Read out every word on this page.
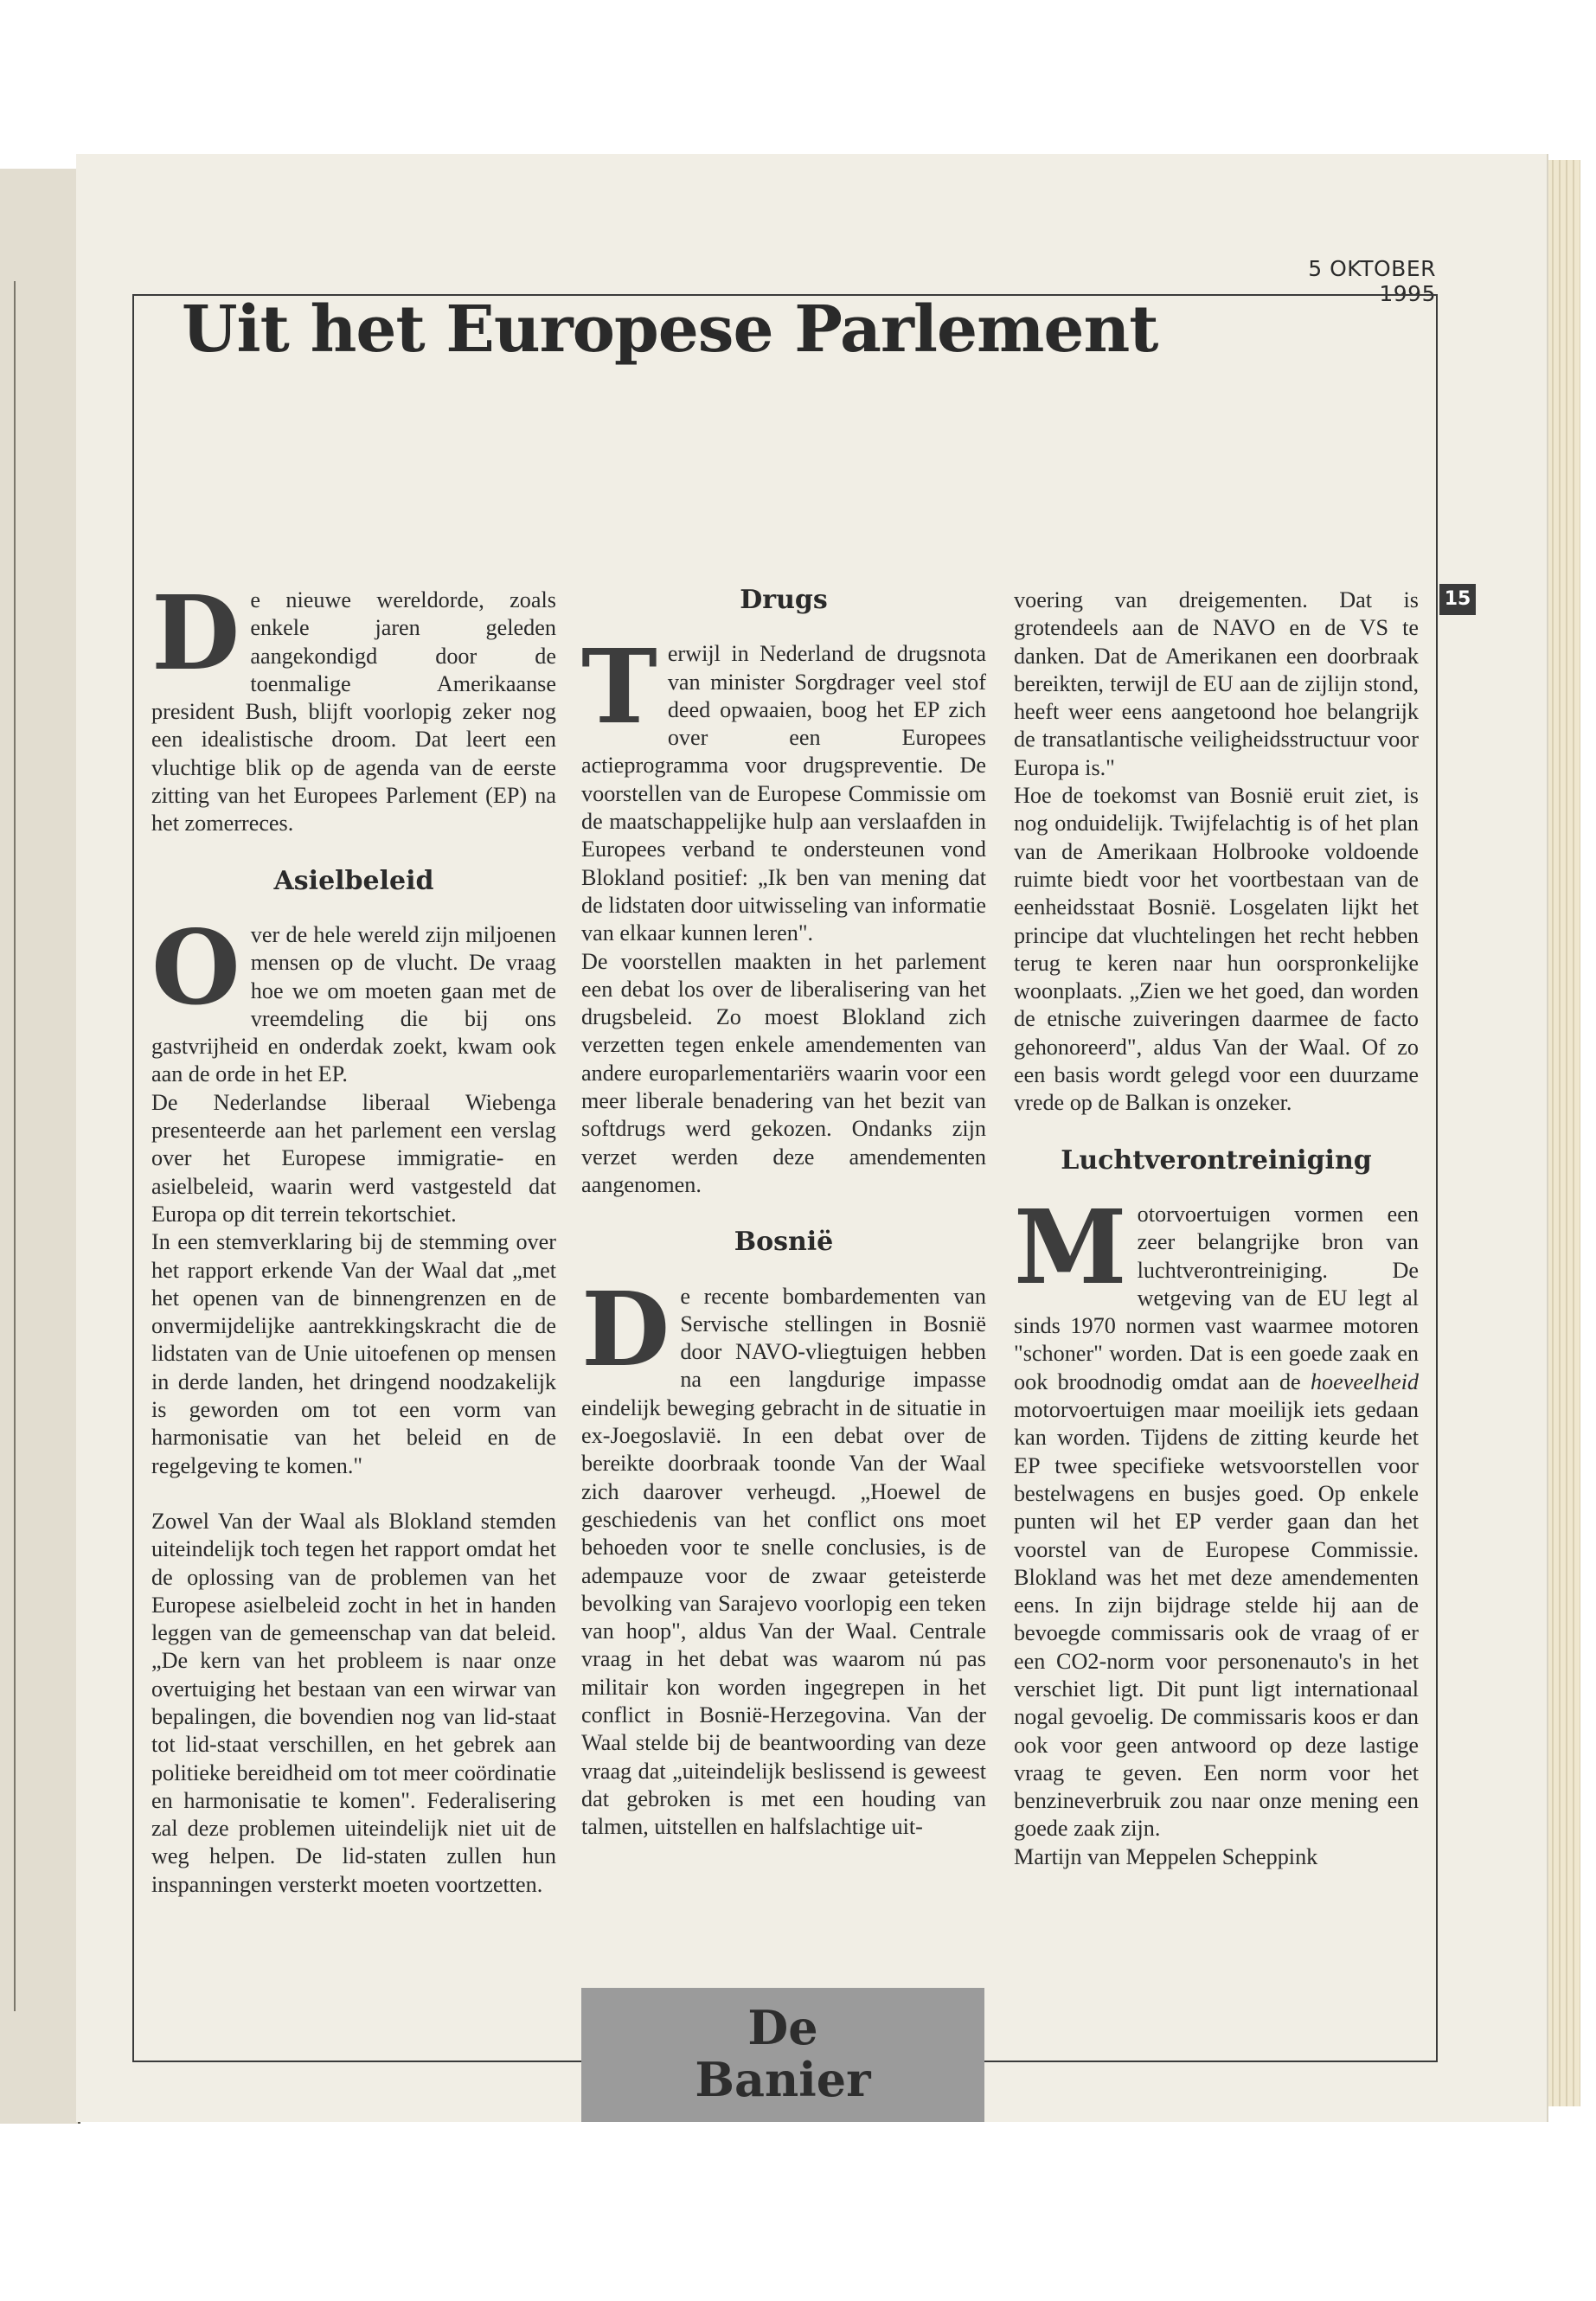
5 OKTOBER 1995
Uit het Europese Parlement
15

De nieuwe wereldorde, zoals enkele jaren geleden aangekondigd door de toenmalige Amerikaanse president Bush, blijft voorlopig zeker nog een idealistische droom. Dat leert een vluchtige blik op de agenda van de eerste zitting van het Europees Parlement (EP) na het zomerreces.

Asielbeleid

Over de hele wereld zijn miljoenen mensen op de vlucht. De vraag hoe we om moeten gaan met de vreemdeling die bij ons gastvrijheid en onderdak zoekt, kwam ook aan de orde in het EP.

De Nederlandse liberaal Wiebenga presenteerde aan het parlement een verslag over het Europese immigratie- en asielbeleid, waarin werd vastgesteld dat Europa op dit terrein tekortschiet.

In een stemverklaring bij de stemming over het rapport erkende Van der Waal dat „met het openen van de binnengrenzen en de onvermijdelijke aantrekkingskracht die de lidstaten van de Unie uitoefenen op mensen in derde landen, het dringend noodzakelijk is geworden om tot een vorm van harmonisatie van het beleid en de regelgeving te komen."

Zowel Van der Waal als Blokland stemden uiteindelijk toch tegen het rapport omdat het de oplossing van de problemen van het Europese asielbeleid zocht in het in handen leggen van de gemeenschap van dat beleid. „De kern van het probleem is naar onze overtuiging het bestaan van een wirwar van bepalingen, die bovendien nog van lid-staat tot lid-staat verschillen, en het gebrek aan politieke bereidheid om tot meer coördinatie en harmonisatie te komen". Federalisering zal deze problemen uiteindelijk niet uit de weg helpen. De lid-staten zullen hun inspanningen versterkt moeten voortzetten.

Drugs

Terwijl in Nederland de drugsnota van minister Sorgdrager veel stof deed opwaaien, boog het EP zich over een Europees actieprogramma voor drugspreventie. De voorstellen van de Europese Commissie om de maatschappelijke hulp aan verslaafden in Europees verband te ondersteunen vond Blokland positief: „Ik ben van mening dat de lidstaten door uitwisseling van informatie van elkaar kunnen leren".

De voorstellen maakten in het parlement een debat los over de liberalisering van het drugsbeleid. Zo moest Blokland zich verzetten tegen enkele amendementen van andere europarlementariërs waarin voor een meer liberale benadering van het bezit van softdrugs werd gekozen. Ondanks zijn verzet werden deze amendementen aangenomen.

Bosnië

De recente bombardementen van Servische stellingen in Bosnië door NAVO-vliegtuigen hebben na een langdurige impasse eindelijk beweging gebracht in de situatie in ex-Joegoslavië. In een debat over de bereikte doorbraak toonde Van der Waal zich daarover verheugd. „Hoewel de geschiedenis van het conflict ons moet behoeden voor te snelle conclusies, is de adempauze voor de zwaar geteisterde bevolking van Sarajevo voorlopig een teken van hoop", aldus Van der Waal. Centrale vraag in het debat was waarom nú pas militair kon worden ingegrepen in het conflict in Bosnië-Herzegovina. Van der Waal stelde bij de beantwoording van deze vraag dat „uiteindelijk beslissend is geweest dat gebroken is met een houding van talmen, uitstellen en halfslachtige uit-

De
Banier

voering van dreigementen. Dat is grotendeels aan de NAVO en de VS te danken. Dat de Amerikanen een doorbraak bereikten, terwijl de EU aan de zijlijn stond, heeft weer eens aangetoond hoe belangrijk de transatlantische veiligheidsstructuur voor Europa is."

Hoe de toekomst van Bosnië eruit ziet, is nog onduidelijk. Twijfelachtig is of het plan van de Amerikaan Holbrooke voldoende ruimte biedt voor het voortbestaan van de eenheidsstaat Bosnië. Losgelaten lijkt het principe dat vluchtelingen het recht hebben terug te keren naar hun oorspronkelijke woonplaats. „Zien we het goed, dan worden de etnische zuiveringen daarmee de facto gehonoreerd", aldus Van der Waal. Of zo een basis wordt gelegd voor een duurzame vrede op de Balkan is onzeker.

Luchtverontreiniging

Motorvoertuigen vormen een zeer belangrijke bron van luchtverontreiniging. De wetgeving van de EU legt al sinds 1970 normen vast waarmee motoren "schoner" worden. Dat is een goede zaak en ook broodnodig omdat aan de hoeveelheid motorvoertuigen maar moeilijk iets gedaan kan worden. Tijdens de zitting keurde het EP twee specifieke wetsvoorstellen voor bestelwagens en busjes goed. Op enkele punten wil het EP verder gaan dan het voorstel van de Europese Commissie. Blokland was het met deze amendementen eens. In zijn bijdrage stelde hij aan de bevoegde commissaris ook de vraag of er een CO2-norm voor personenauto's in het verschiet ligt. Dit punt ligt internationaal nogal gevoelig. De commissaris koos er dan ook voor geen antwoord op deze lastige vraag te geven. Een norm voor het benzineverbruik zou naar onze mening een goede zaak zijn.

Martijn van Meppelen Scheppink
